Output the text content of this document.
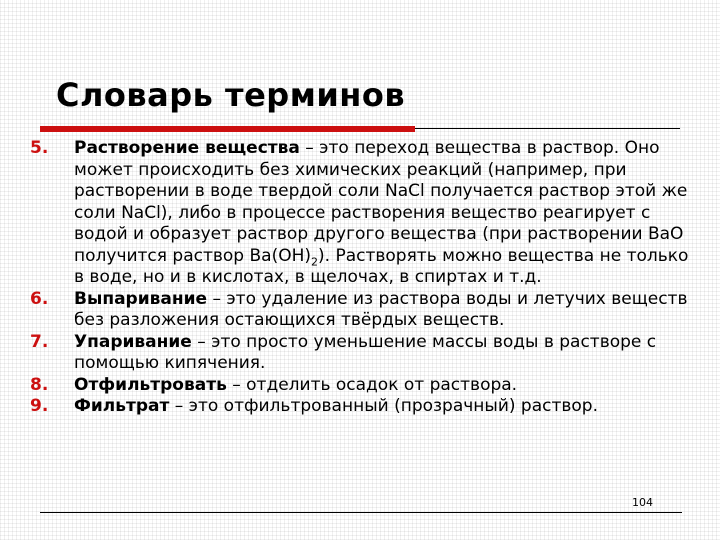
Словарь терминов
5. Растворение вещества – это переход вещества в раствор. Оно может происходить без химических реакций (например, при растворении в воде твердой соли NaCl получается раствор этой же соли NaCl), либо в процессе растворения вещество реагирует с водой и образует раствор другого вещества (при растворении BaO получится раствор $Ba(OH)_2$). Растворять можно вещества не только в воде, но и в кислотах, в щелочах, в спиртах и т.д.
6. Выпаривание – это удаление из раствора воды и летучих веществ без разложения остающихся твёрдых веществ.
7. Упаривание – это просто уменьшение массы воды в растворе с помощью кипячения.
8. Отфильтровать – отделить осадок от раствора.
9. Фильтрат – это отфильтрованный (прозрачный) раствор.
104
